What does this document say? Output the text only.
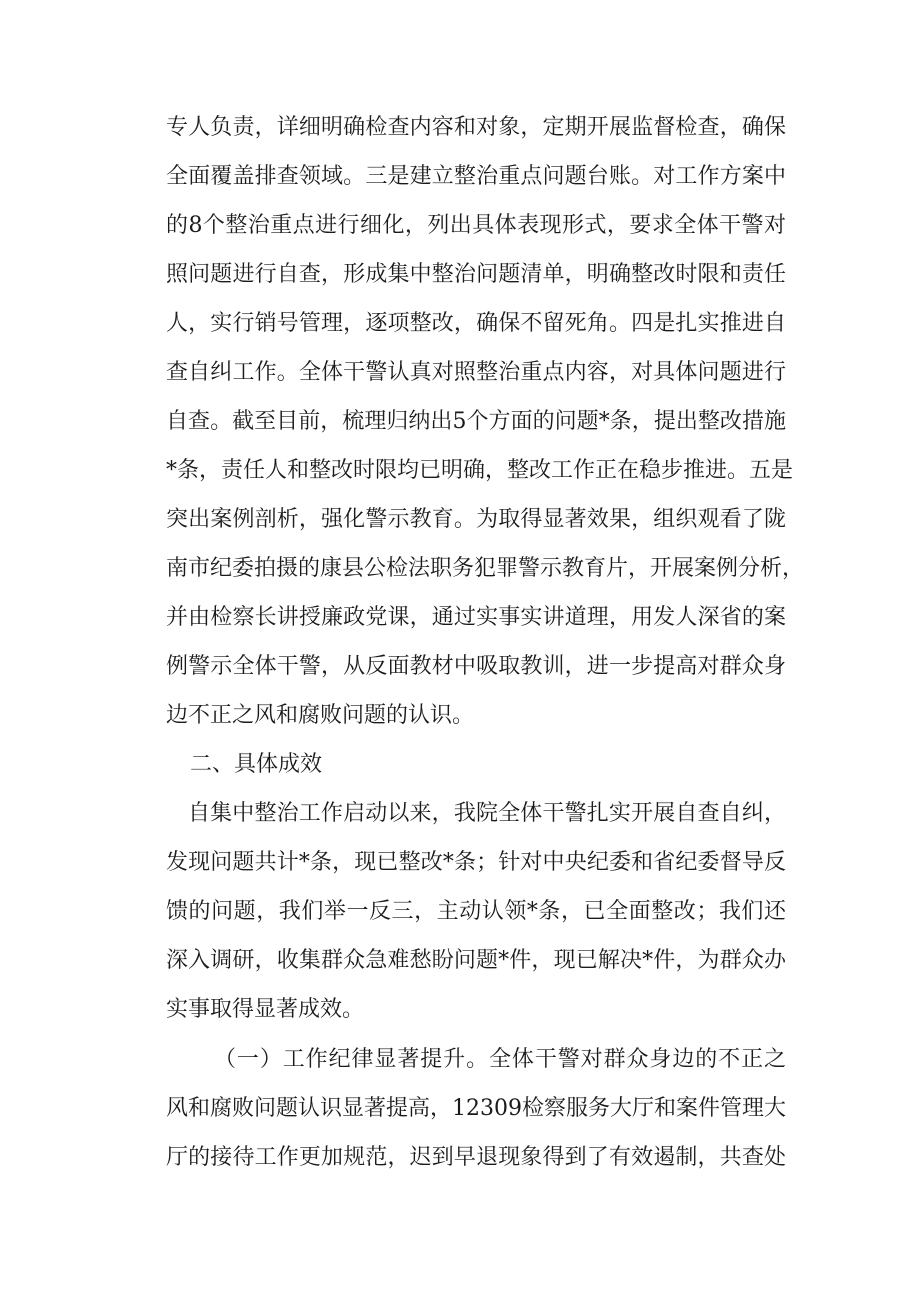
专人负责，详细明确检查内容和对象，定期开展监督检查，确保
全面覆盖排查领域。三是建立整治重点问题台账。对工作方案中
的8个整治重点进行细化，列出具体表现形式，要求全体干警对
照问题进行自查，形成集中整治问题清单，明确整改时限和责任
人，实行销号管理，逐项整改，确保不留死角。四是扎实推进自
查自纠工作。全体干警认真对照整治重点内容，对具体问题进行
自查。截至目前，梳理归纳出5个方面的问题*条，提出整改措施
*条，责任人和整改时限均已明确，整改工作正在稳步推进。五是
突出案例剖析，强化警示教育。为取得显著效果，组织观看了陇
南市纪委拍摄的康县公检法职务犯罪警示教育片，开展案例分析，
并由检察长讲授廉政党课，通过实事实讲道理，用发人深省的案
例警示全体干警，从反面教材中吸取教训，进一步提高对群众身
边不正之风和腐败问题的认识。
二、具体成效
自集中整治工作启动以来，我院全体干警扎实开展自查自纠，
发现问题共计*条，现已整改*条；针对中央纪委和省纪委督导反
馈的问题，我们举一反三，主动认领*条，已全面整改；我们还
深入调研，收集群众急难愁盼问题*件，现已解决*件，为群众办
实事取得显著成效。
（一）工作纪律显著提升。全体干警对群众身边的不正之
风和腐败问题认识显著提高，12309检察服务大厅和案件管理大
厅的接待工作更加规范，迟到早退现象得到了有效遏制，共查处
